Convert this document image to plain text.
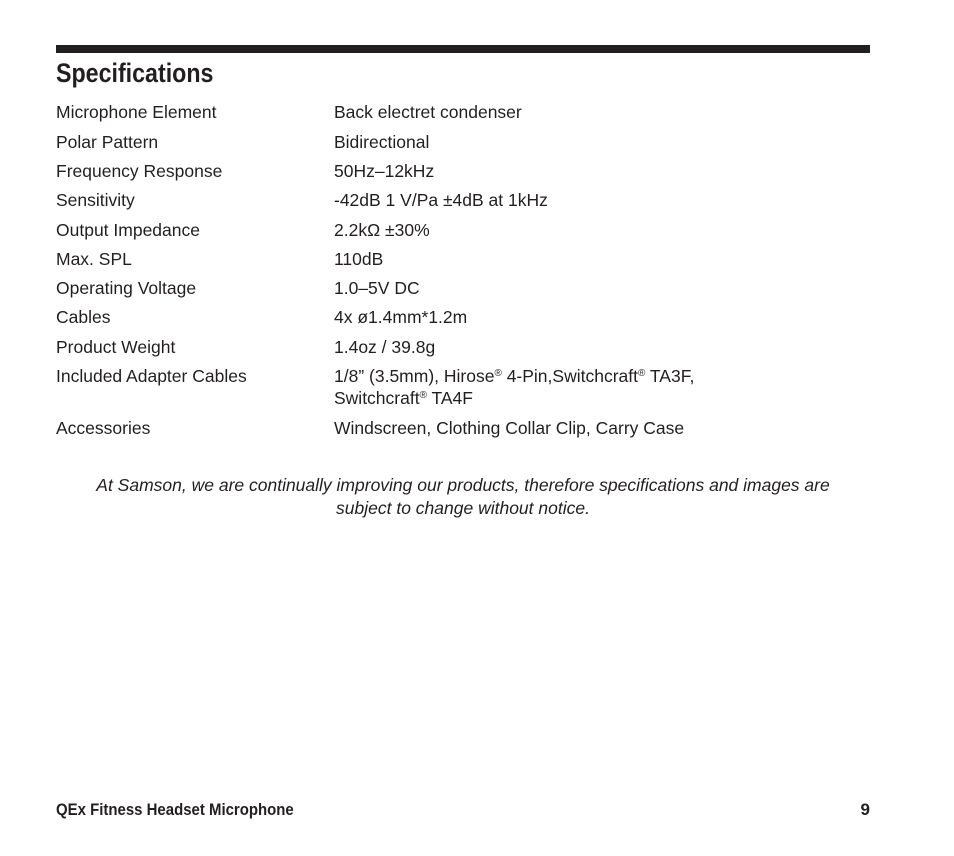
Specifications
Microphone Element	Back electret condenser
Polar Pattern	Bidirectional
Frequency Response	50Hz–12kHz
Sensitivity	-42dB 1 V/Pa ±4dB at 1kHz
Output Impedance	2.2kΩ ±30%
Max. SPL	110dB
Operating Voltage	1.0–5V DC
Cables	4x ø1.4mm*1.2m
Product Weight	1.4oz / 39.8g
Included Adapter Cables	1/8” (3.5mm), Hirose® 4-Pin,Switchcraft® TA3F,
Switchcraft® TA4F
Accessories	Windscreen, Clothing Collar Clip, Carry Case
At Samson, we are continually improving our products, therefore specifications and images are
subject to change without notice.
QEx Fitness Headset Microphone	9
